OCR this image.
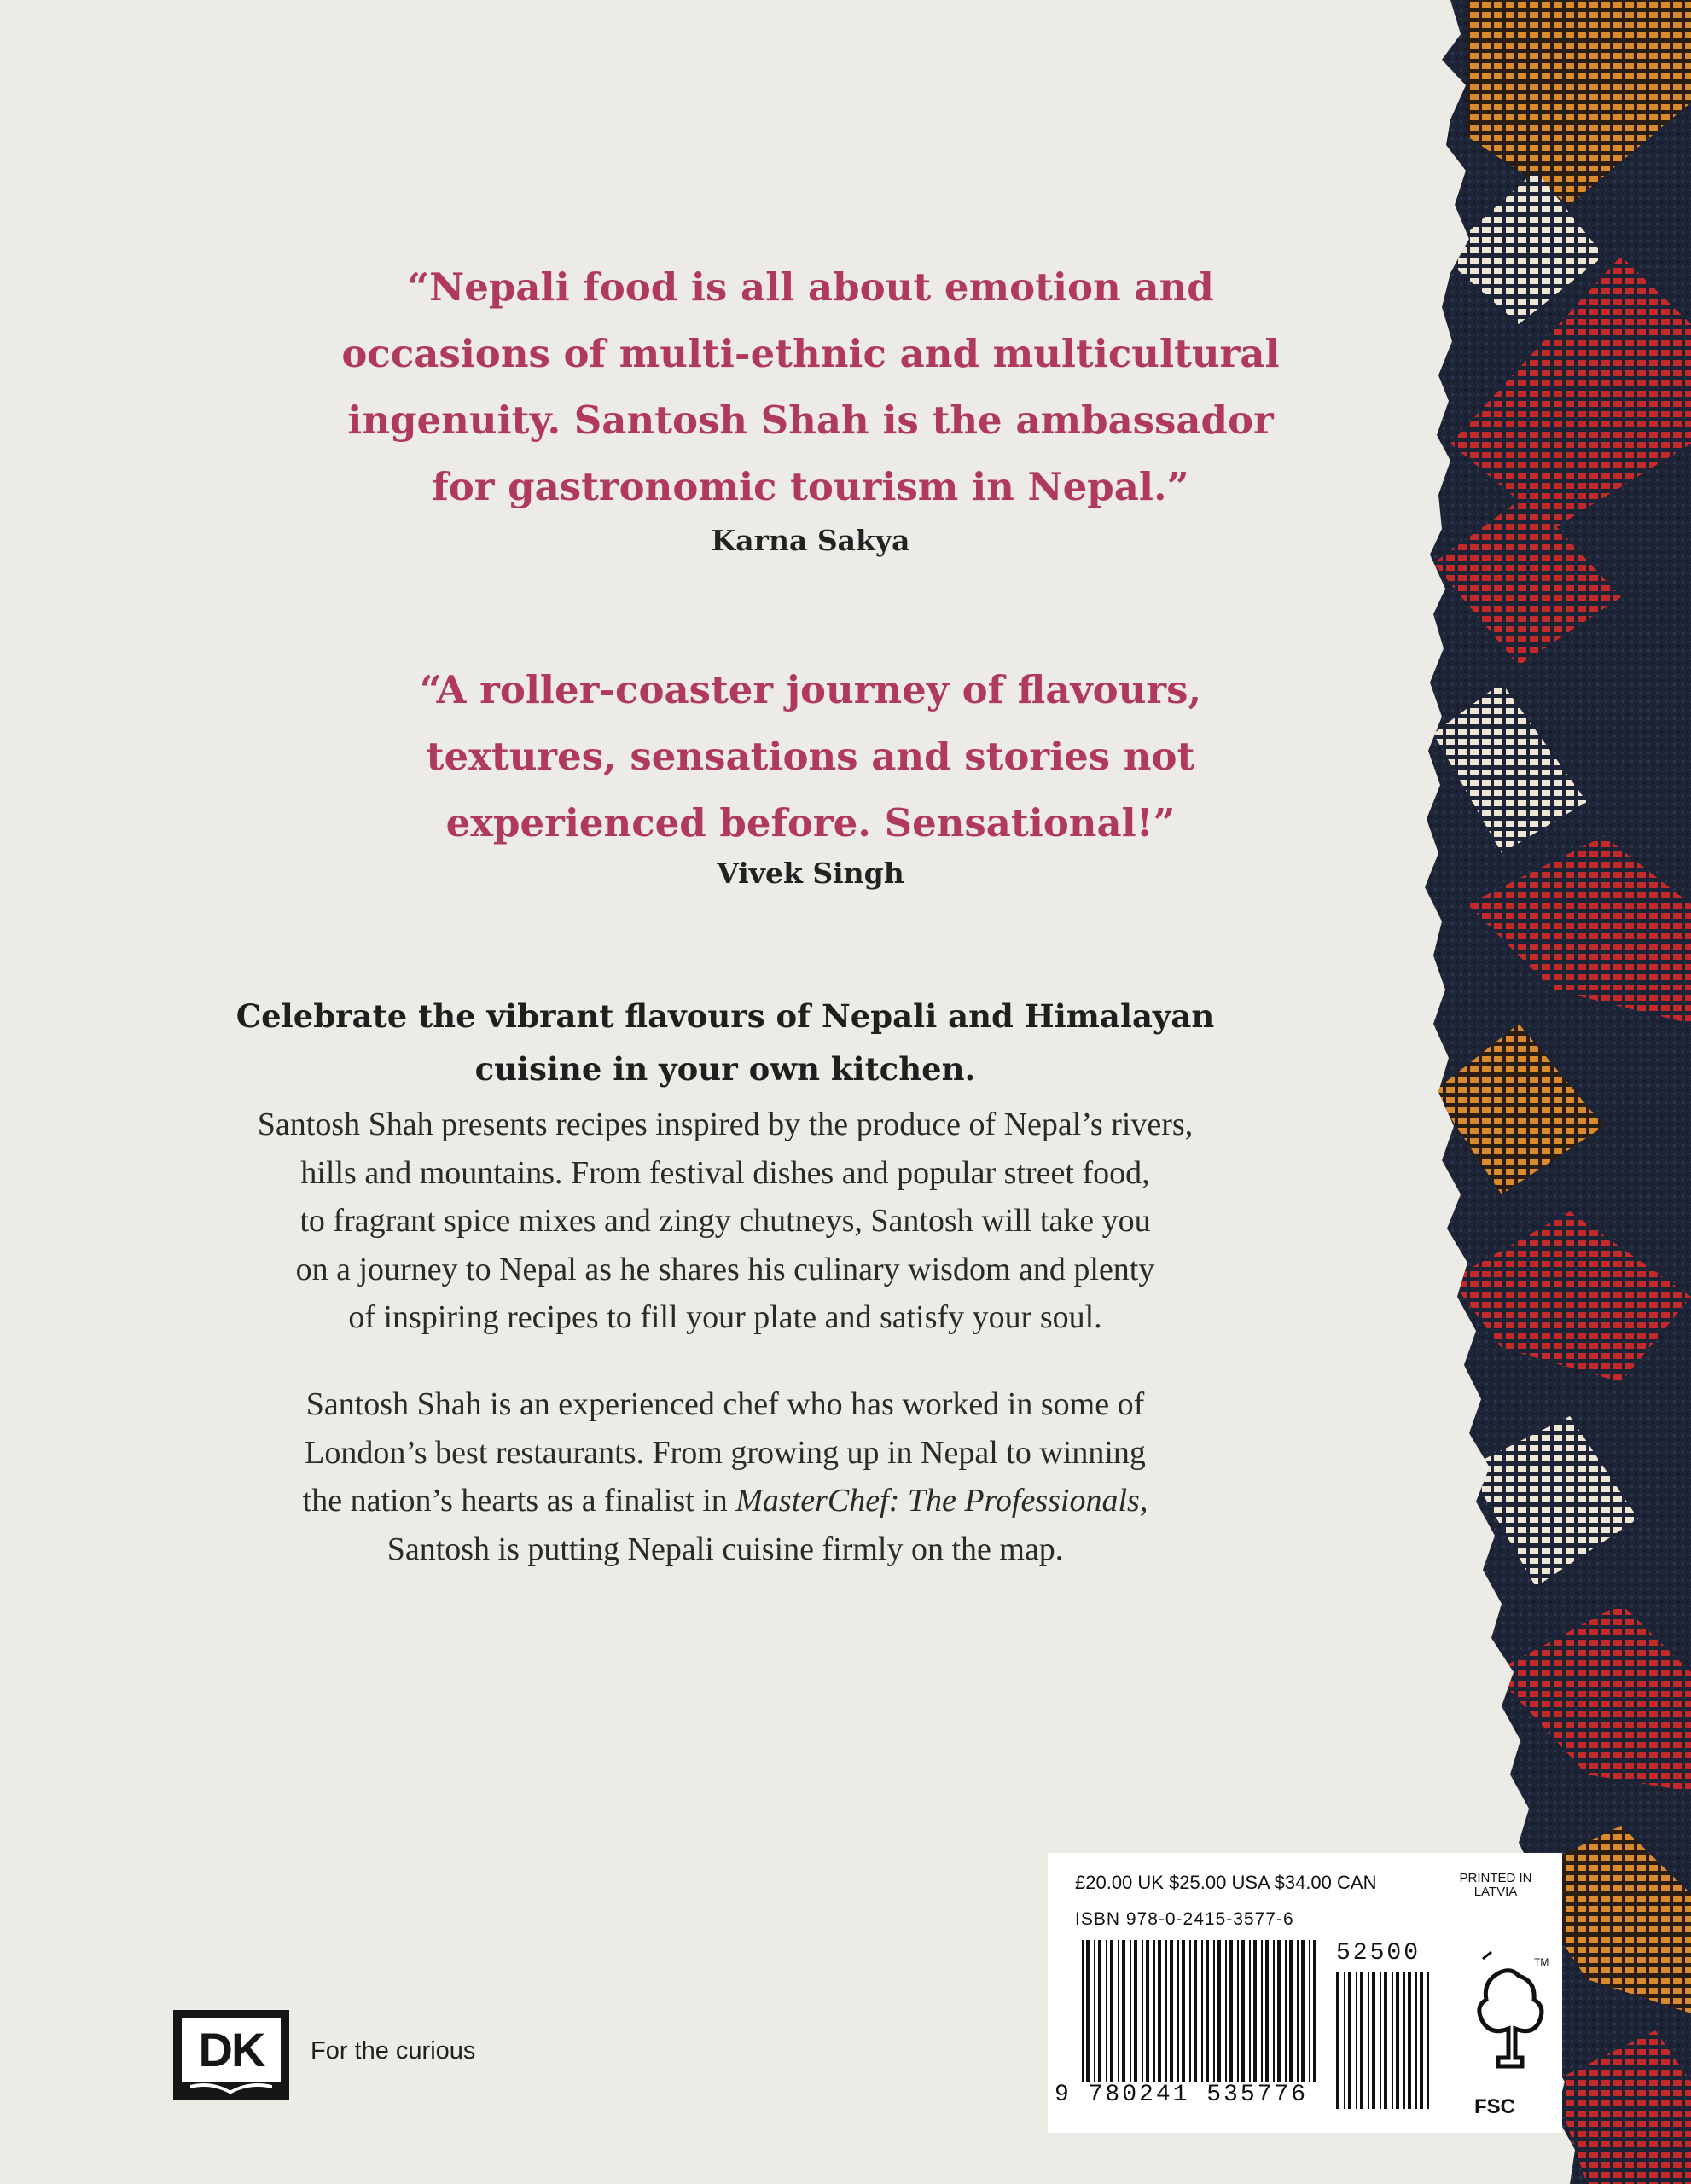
“Nepali food is all about emotion and

occasions of multi-ethnic and multicultural

ingenuity. Santosh Shah is the ambassador

for gastronomic tourism in Nepal.”

Karna Sakya

“A roller-coaster journey of flavours,

textures, sensations and stories not

experienced before. Sensational!”

Vivek Singh

Celebrate the vibrant flavours of Nepali and Himalayan

cuisine in your own kitchen.

Santosh Shah presents recipes inspired by the produce of Nepal’s rivers,

hills and mountains. From festival dishes and popular street food,

to fragrant spice mixes and zingy chutneys, Santosh will take you

on a journey to Nepal as he shares his culinary wisdom and plenty

of inspiring recipes to fill your plate and satisfy your soul.

Santosh Shah is an experienced chef who has worked in some of

London’s best restaurants. From growing up in Nepal to winning

the nation’s hearts as a finalist in MasterChef: The Professionals,

Santosh is putting Nepali cuisine firmly on the map.

DK	For the curious
£20.00 UK $25.00 USA $34.00 CAN	PRINTED IN
LATVIA
ISBN 978-0-2415-3577-6
TM
9 780241 535776
52500
FSC
